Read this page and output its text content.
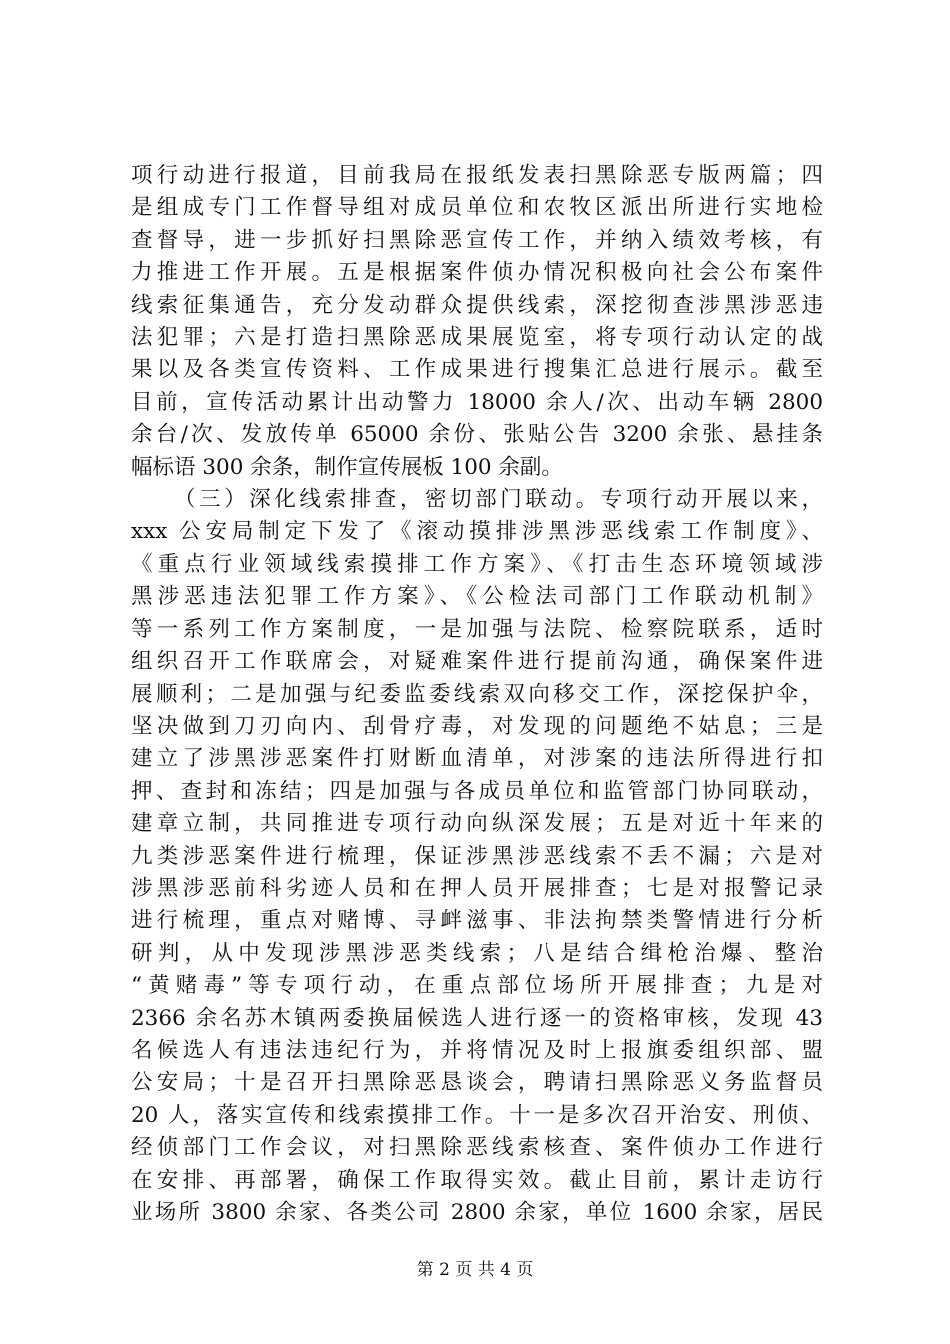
项行动进行报道，目前我局在报纸发表扫黑除恶专版两篇；四

是组成专门工作督导组对成员单位和农牧区派出所进行实地检

查督导，进一步抓好扫黑除恶宣传工作，并纳入绩效考核，有

力推进工作开展。五是根据案件侦办情况积极向社会公布案件

线索征集通告，充分发动群众提供线索，深挖彻查涉黑涉恶违

法犯罪；六是打造扫黑除恶成果展览室，将专项行动认定的战

果以及各类宣传资料、工作成果进行搜集汇总进行展示。截至

目前，宣传活动累计出动警力 18000 余人/次、出动车辆 2800

余台/次、发放传单 65000 余份、张贴公告 3200 余张、悬挂条

幅标语 300 余条，制作宣传展板 100 余副。

（三）深化线索排查，密切部门联动。专项行动开展以来，

xxx 公安局制定下发了《滚动摸排涉黑涉恶线索工作制度》、

《重点行业领域线索摸排工作方案》、《打击生态环境领域涉

黑涉恶违法犯罪工作方案》、《公检法司部门工作联动机制》

等一系列工作方案制度，一是加强与法院、检察院联系，适时

组织召开工作联席会，对疑难案件进行提前沟通，确保案件进

展顺利；二是加强与纪委监委线索双向移交工作，深挖保护伞，

坚决做到刀刃向内、刮骨疗毒，对发现的问题绝不姑息；三是

建立了涉黑涉恶案件打财断血清单，对涉案的违法所得进行扣

押、查封和冻结；四是加强与各成员单位和监管部门协同联动，

建章立制，共同推进专项行动向纵深发展；五是对近十年来的

九类涉恶案件进行梳理，保证涉黑涉恶线索不丢不漏；六是对

涉黑涉恶前科劣迹人员和在押人员开展排查；七是对报警记录

进行梳理，重点对赌博、寻衅滋事、非法拘禁类警情进行分析

研判，从中发现涉黑涉恶类线索；八是结合缉枪治爆、整治

“黄赌毒”等专项行动，在重点部位场所开展排查；九是对

2366 余名苏木镇两委换届候选人进行逐一的资格审核，发现 43

名候选人有违法违纪行为，并将情况及时上报旗委组织部、盟

公安局；十是召开扫黑除恶恳谈会，聘请扫黑除恶义务监督员

20 人，落实宣传和线索摸排工作。十一是多次召开治安、刑侦、

经侦部门工作会议，对扫黑除恶线索核查、案件侦办工作进行

在安排、再部署，确保工作取得实效。截止目前，累计走访行

业场所 3800 余家、各类公司 2800 余家，单位 1600 余家，居民

第 2 页 共 4 页
